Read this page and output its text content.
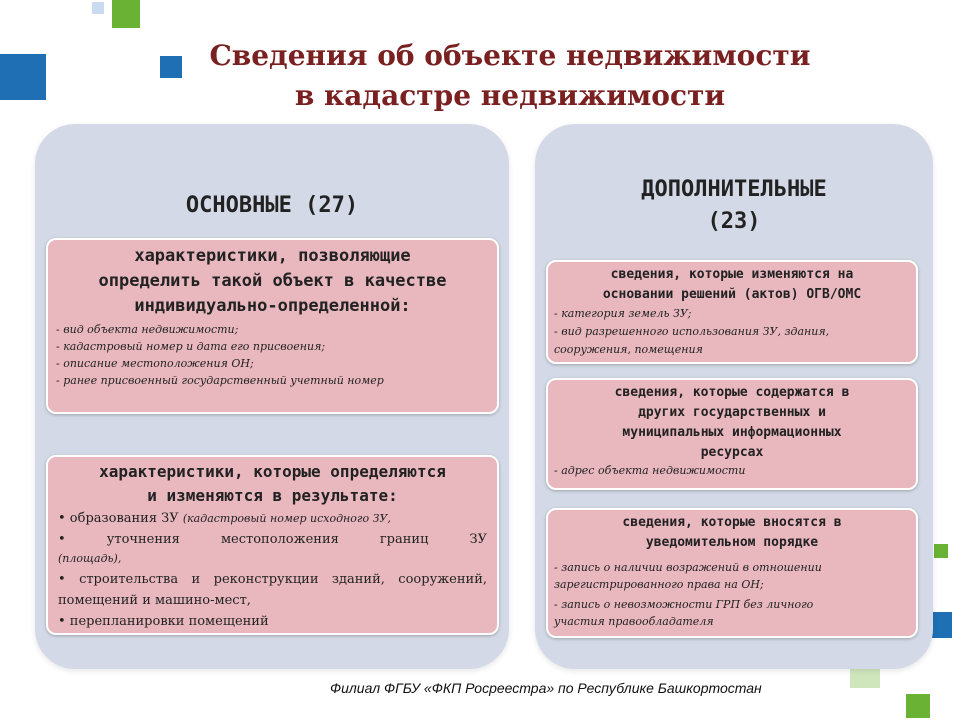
Сведения об объекте недвижимости
в кадастре недвижимости
ОСНОВНЫЕ (27)
характеристики, позволяющие
определить такой объект в качестве
индивидуально-определенной:
- вид объекта недвижимости;
- кадастровый номер и дата его присвоения;
- описание местоположения ОН;
- ранее присвоенный государственный учетный номер
характеристики, которые определяются
и изменяются в результате:
• образования ЗУ (кадастровый номер исходного ЗУ,
• уточнения местоположения границ ЗУ
(площадь),
• строительства и реконструкции зданий, сооружений, помещений и машино-мест,
• перепланировки помещений
ДОПОЛНИТЕЛЬНЫЕ
(23)
сведения, которые изменяются на
основании решений (актов) ОГВ/ОМС
- категория земель ЗУ;
- вид разрешенного использования ЗУ, здания,
сооружения, помещения
сведения, которые содержатся в
других государственных и
муниципальных информационных
ресурсах
- адрес объекта недвижимости
сведения, которые вносятся в
уведомительном порядке
- запись о наличии возражений в отношении
зарегистрированного права на ОН;
- запись о невозможности ГРП без личного
участия правообладателя
Филиал ФГБУ «ФКП Росреестра» по Республике Башкортостан
